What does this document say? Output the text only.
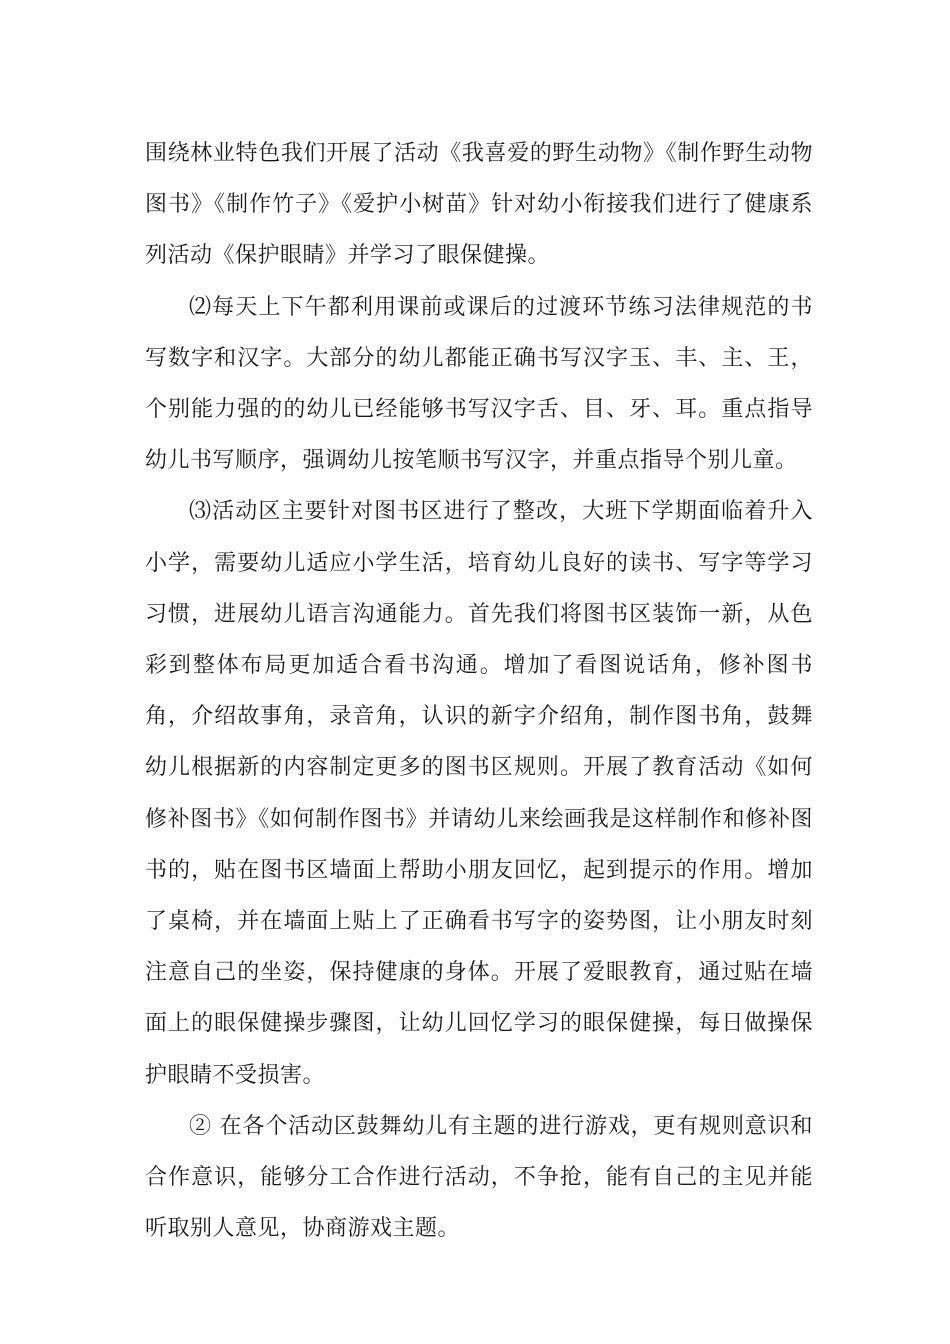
围绕林业特色我们开展了活动《我喜爱的野生动物》《制作野生动物图书》《制作竹子》《爱护小树苗》针对幼小衔接我们进行了健康系列活动《保护眼睛》并学习了眼保健操。

⑵每天上下午都利用课前或课后的过渡环节练习法律规范的书写数字和汉字。大部分的幼儿都能正确书写汉字玉、丰、主、王，个别能力强的的幼儿已经能够书写汉字舌、目、牙、耳。重点指导幼儿书写顺序，强调幼儿按笔顺书写汉字，并重点指导个别儿童。

⑶活动区主要针对图书区进行了整改，大班下学期面临着升入小学，需要幼儿适应小学生活，培育幼儿良好的读书、写字等学习习惯，进展幼儿语言沟通能力。首先我们将图书区装饰一新，从色彩到整体布局更加适合看书沟通。增加了看图说话角，修补图书角，介绍故事角，录音角，认识的新字介绍角，制作图书角，鼓舞幼儿根据新的内容制定更多的图书区规则。开展了教育活动《如何修补图书》《如何制作图书》并请幼儿来绘画我是这样制作和修补图书的，贴在图书区墙面上帮助小朋友回忆，起到提示的作用。增加了桌椅，并在墙面上贴上了正确看书写字的姿势图，让小朋友时刻注意自己的坐姿，保持健康的身体。开展了爱眼教育，通过贴在墙面上的眼保健操步骤图，让幼儿回忆学习的眼保健操，每日做操保护眼睛不受损害。

② 在各个活动区鼓舞幼儿有主题的进行游戏，更有规则意识和合作意识，能够分工合作进行活动，不争抢，能有自己的主见并能听取别人意见，协商游戏主题。
